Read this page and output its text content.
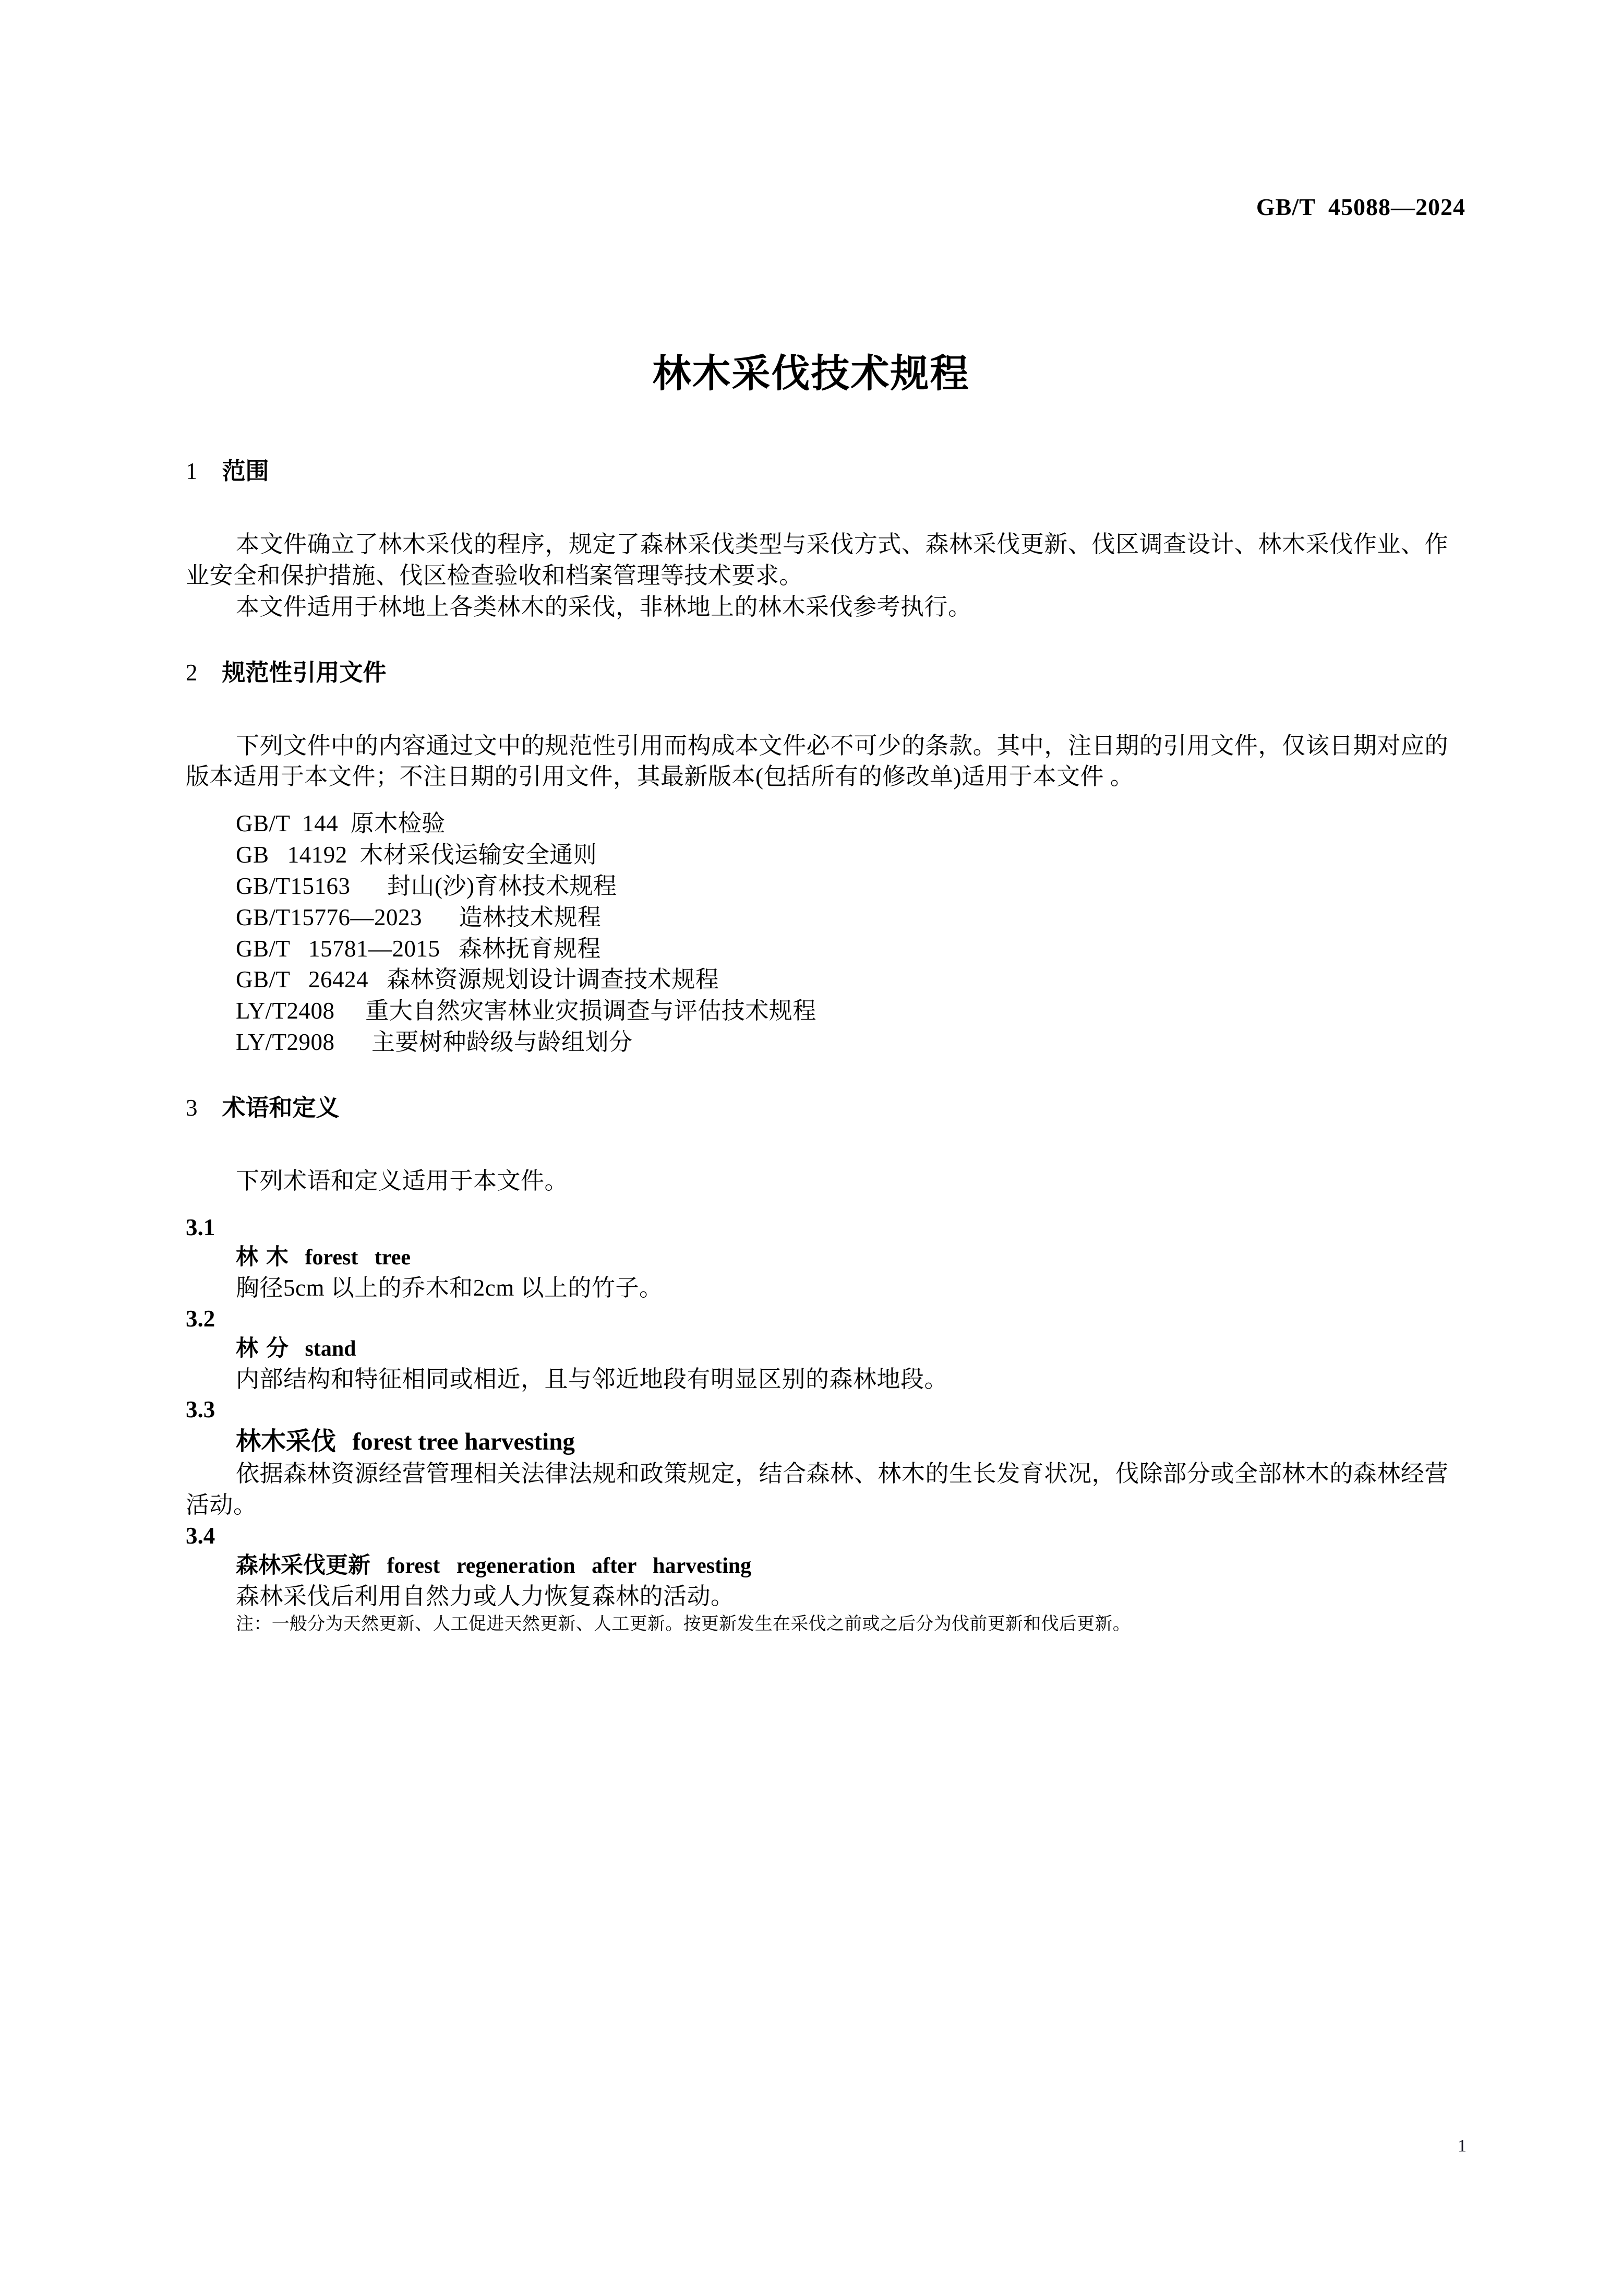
GB/T  45088—2024
林木采伐技术规程
1 范围

本文件确立了林木采伐的程序，规定了森林采伐类型与采伐方式、森林采伐更新、伐区调查设计、林木采伐作业、作业安全和保护措施、伐区检查验收和档案管理等技术要求。

本文件适用于林地上各类林木的采伐，非林地上的林木采伐参考执行。

2 规范性引用文件

下列文件中的内容通过文中的规范性引用而构成本文件必不可少的条款。其中，注日期的引用文件，仅该日期对应的版本适用于本文件；不注日期的引用文件，其最新版本(包括所有的修改单)适用于本文件 。

GB/T  144  原木检验
GB   14192  木材采伐运输安全通则
GB/T15163      封山(沙)育林技术规程
GB/T15776—2023      造林技术规程
GB/T   15781—2015   森林抚育规程
GB/T   26424   森林资源规划设计调查技术规程
LY/T2408     重大自然灾害林业灾损调查与评估技术规程
LY/T2908      主要树种龄级与龄组划分
3 术语和定义

下列术语和定义适用于本文件。

3.1
林 木 forest   tree
胸径5cm 以上的乔木和2cm 以上的竹子。
3.2
林 分 stand
内部结构和特征相同或相近，且与邻近地段有明显区别的森林地段。
3.3
林木采伐 forest tree harvesting
依据森林资源经营管理相关法律法规和政策规定，结合森林、林木的生长发育状况，伐除部分或全部林木的森林经营活动。
3.4
森林采伐更新 forest   regeneration   after   harvesting
森林采伐后利用自然力或人力恢复森林的活动。
注：一般分为天然更新、人工促进天然更新、人工更新。按更新发生在采伐之前或之后分为伐前更新和伐后更新。
1
